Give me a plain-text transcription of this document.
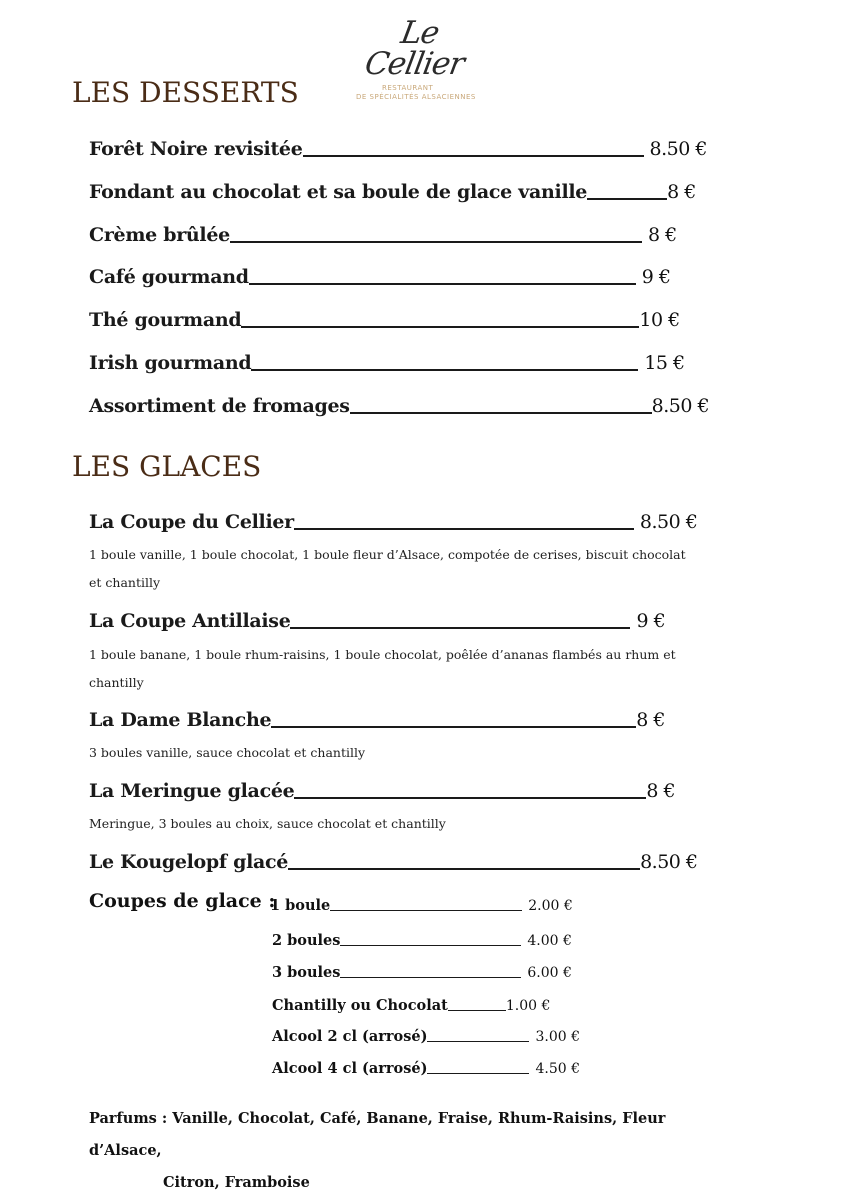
Le Cellier
RESTAURANT
DE SPÉCIALITÉS ALSACIENNES
LES DESSERTS
Forêt Noire revisitée	8.50 €
Fondant au chocolat et sa boule de glace vanille	8 €
Crème brûlée	8 €
Café gourmand	9 €
Thé gourmand	10 €
Irish gourmand	15 €
Assortiment de fromages	8.50 €
LES GLACES
La Coupe du Cellier	8.50 €
1 boule vanille, 1 boule chocolat, 1 boule fleur d’Alsace, compotée de cerises, biscuit chocolat et chantilly
La Coupe Antillaise	9 €
1 boule banane, 1 boule rhum-raisins, 1 boule chocolat, poêlée d’ananas flambés au rhum et chantilly
La Dame Blanche	8 €
3 boules vanille, sauce chocolat et chantilly
La Meringue glacée	8 €
Meringue, 3 boules au choix, sauce chocolat et chantilly
Le Kougelopf glacé	8.50 €
Coupes de glace :
1 boule	2.00 €
2 boules	4.00 €
3 boules	6.00 €
Chantilly ou Chocolat	1.00 €
Alcool 2 cl (arrosé)	3.00 €
Alcool 4 cl (arrosé)	4.50 €
Parfums : Vanille, Chocolat, Café, Banane, Fraise, Rhum-Raisins, Fleur d’Alsace,
Citron, Framboise
